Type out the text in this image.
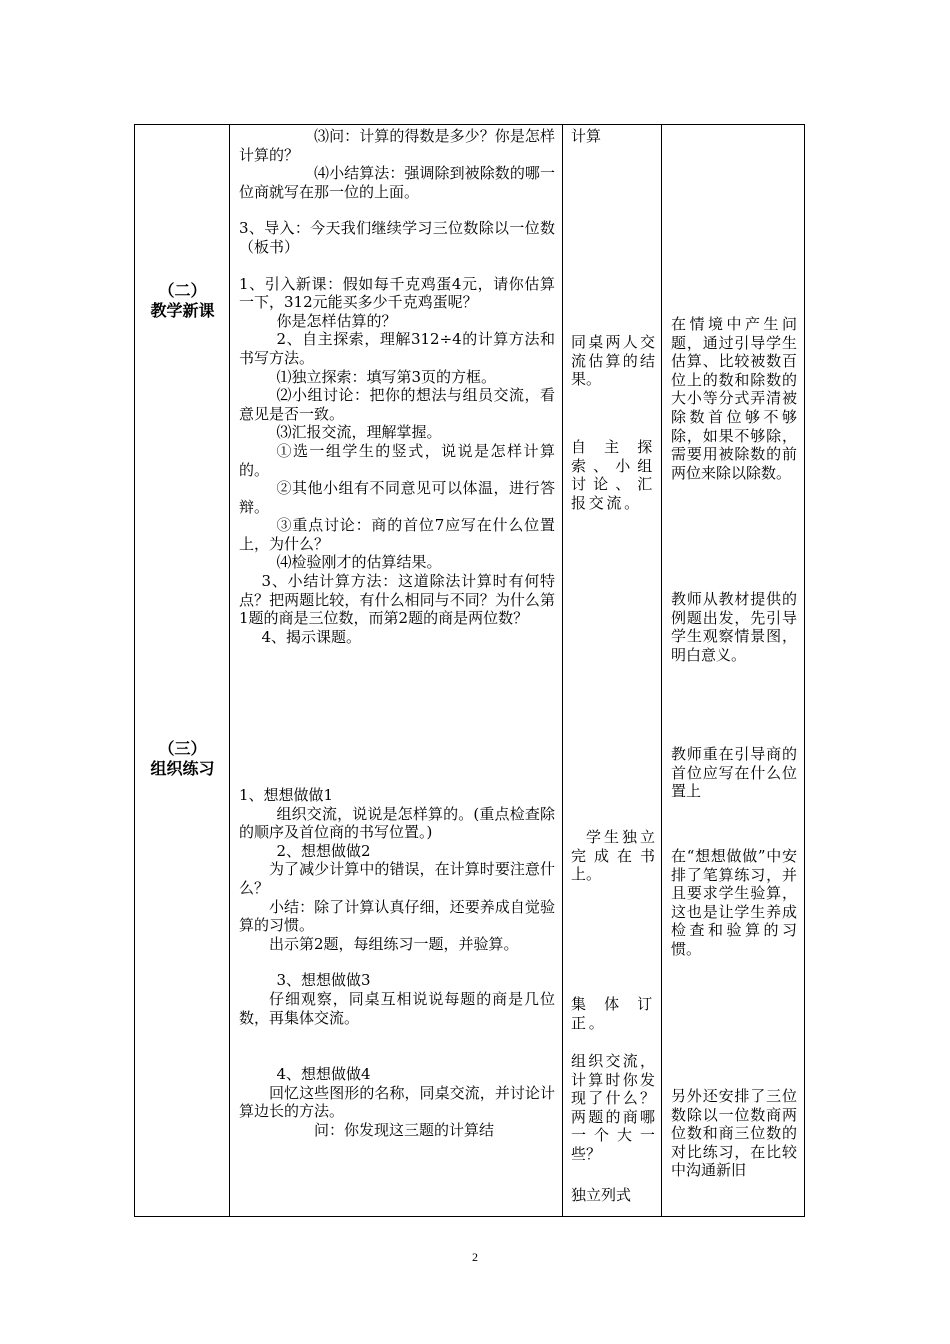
（二）
教学新课
（三）
组织练习

⑶问：计算的得数是多少？你是怎样计算的？

⑷小结算法：强调除到被除数的哪一位商就写在那一位的上面。

3、导入：今天我们继续学习三位数除以一位数（板书）

1、引入新课：假如每千克鸡蛋4元，请你估算一下，312元能买多少千克鸡蛋呢？

你是怎样估算的？

2、自主探索，理解312÷4的计算方法和书写方法。

⑴独立探索：填写第3页的方框。

⑵小组讨论：把你的想法与组员交流，看意见是否一致。

⑶汇报交流，理解掌握。

①选一组学生的竖式，说说是怎样计算的。

②其他小组有不同意见可以体温，进行答辩。

③重点讨论：商的首位7应写在什么位置上，为什么？

⑷检验刚才的估算结果。

3、小结计算方法：这道除法计算时有何特点？把两题比较，有什么相同与不同？为什么第1题的商是三位数，而第2题的商是两位数？

4、揭示课题。

1、想想做做1

组织交流，说说是怎样算的。(重点检查除的顺序及首位商的书写位置。)

2、想想做做2

为了减少计算中的错误，在计算时要注意什么？

小结：除了计算认真仔细，还要养成自觉验算的习惯。

出示第2题，每组练习一题，并验算。

3、想想做做3

仔细观察，同桌互相说说每题的商是几位数，再集体交流。

4、想想做做4

回忆这些图形的名称，同桌交流，并讨论计算边长的方法。

问：你发现这三题的计算结

计算
同桌两人交流估算的结果。
自主探索、小组讨论、汇报交流。
学生独立完成在书上。
集体订正。
组织交流，计算时你发现了什么？两题的商哪一个大一些？
独立列式
在情境中产生问题，通过引导学生估算、比较被数百位上的数和除数的大小等分式弄清被除数首位够不够除，如果不够除，需要用被除数的前两位来除以除数。
教师从教材提供的例题出发，先引导学生观察情景图，明白意义。
教师重在引导商的首位应写在什么位置上
在“想想做做”中安排了笔算练习，并且要求学生验算，这也是让学生养成检查和验算的习惯。
另外还安排了三位数除以一位数商两位数和商三位数的对比练习，在比较中沟通新旧
2
